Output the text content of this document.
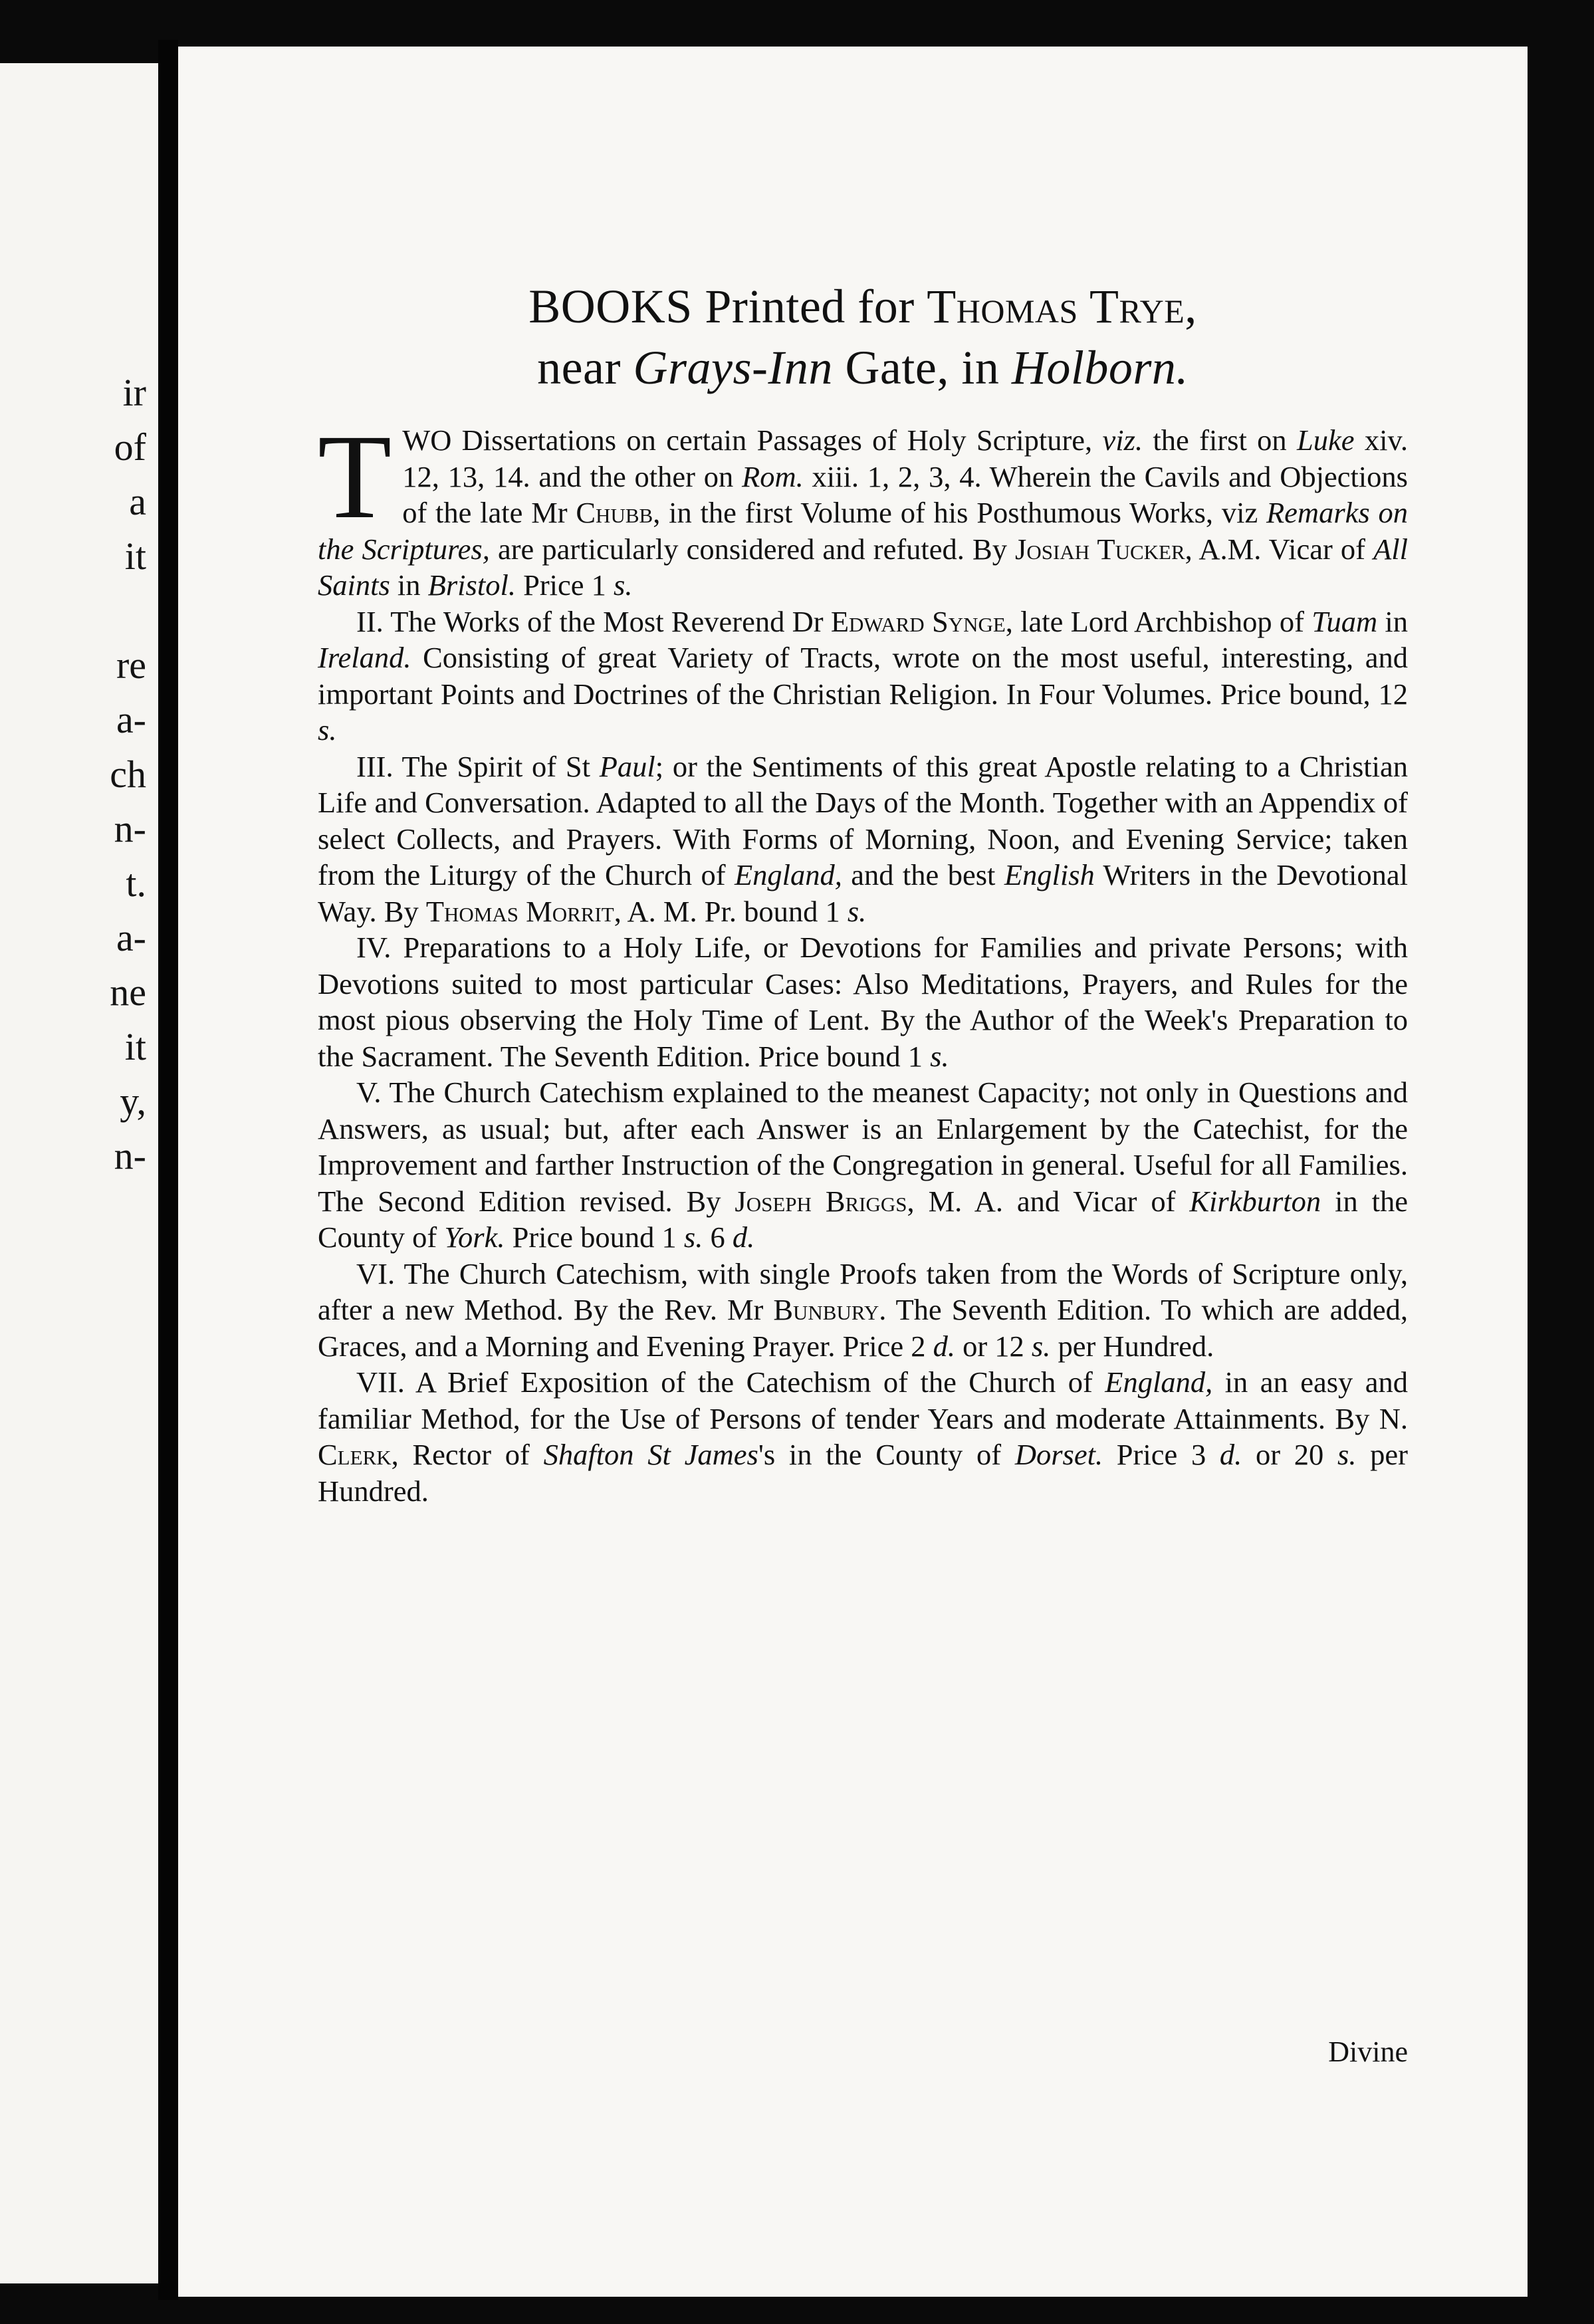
ir
of
a
it

re
a-
ch
n-
t.
a-
ne
it
y,
n-
BOOKS Printed for Thomas Trye,
near Grays-Inn Gate, in Holborn.

TWO Dissertations on certain Passages of Holy Scripture, viz. the first on Luke xiv. 12, 13, 14. and the other on Rom. xiii. 1, 2, 3, 4. Wherein the Cavils and Objections of the late Mr Chubb, in the first Volume of his Posthumous Works, viz Remarks on the Scriptures, are particularly considered and refuted. By Josiah Tucker, A.M. Vicar of All Saints in Bristol. Price 1 s.

II. The Works of the Most Reverend Dr Edward Synge, late Lord Archbishop of Tuam in Ireland. Consisting of great Variety of Tracts, wrote on the most useful, interesting, and important Points and Doctrines of the Christian Religion. In Four Volumes. Price bound, 12 s.

III. The Spirit of St Paul; or the Sentiments of this great Apostle relating to a Christian Life and Conversation. Adapted to all the Days of the Month. Together with an Appendix of select Collects, and Prayers. With Forms of Morning, Noon, and Evening Service; taken from the Liturgy of the Church of England, and the best English Writers in the Devotional Way. By Thomas Morrit, A. M. Pr. bound 1 s.

IV. Preparations to a Holy Life, or Devotions for Families and private Persons; with Devotions suited to most particular Cases: Also Meditations, Prayers, and Rules for the most pious observing the Holy Time of Lent. By the Author of the Week's Preparation to the Sacrament. The Seventh Edition. Price bound 1 s.

V. The Church Catechism explained to the meanest Capacity; not only in Questions and Answers, as usual; but, after each Answer is an Enlargement by the Catechist, for the Improvement and farther Instruction of the Congregation in general. Useful for all Families. The Second Edition revised. By Joseph Briggs, M. A. and Vicar of Kirkburton in the County of York. Price bound 1 s. 6 d.

VI. The Church Catechism, with single Proofs taken from the Words of Scripture only, after a new Method. By the Rev. Mr Bunbury. The Seventh Edition. To which are added, Graces, and a Morning and Evening Prayer. Price 2 d. or 12 s. per Hundred.

VII. A Brief Exposition of the Catechism of the Church of England, in an easy and familiar Method, for the Use of Persons of tender Years and moderate Attainments. By N. Clerk, Rector of Shafton St James's in the County of Dorset. Price 3 d. or 20 s. per Hundred.

Divine
